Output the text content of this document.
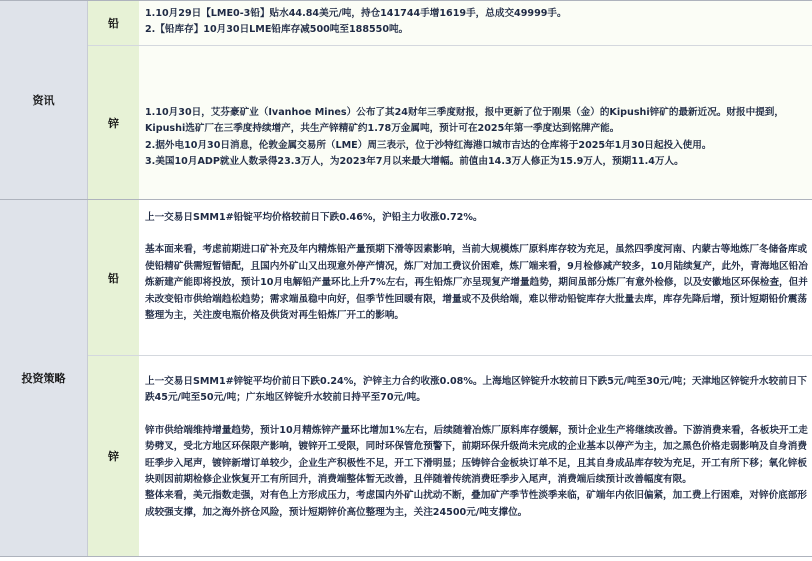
资讯
铅

1.10月29日【LME0-3铅】贴水44.84美元/吨，持仓141744手增1619手，总成交49999手。

2.【铅库存】10月30日LME铅库存减500吨至188550吨。

锌

1.10月30日，艾芬豪矿业（Ivanhoe Mines）公布了其24财年三季度财报，报中更新了位于刚果（金）的Kipushi锌矿的最新近况。财报中提到，Kipushi选矿厂在三季度持续增产，共生产锌精矿约1.78万金属吨，预计可在2025年第一季度达到铭牌产能。

2.据外电10月30日消息，伦敦金属交易所（LME）周三表示，位于沙特红海港口城市吉达的仓库将于2025年1月30日起投入使用。

3.美国10月ADP就业人数录得23.3万人，为2023年7月以来最大增幅。前值由14.3万人修正为15.9万人，预期11.4万人。

投资策略
铅

上一交易日SMM1#铅锭平均价格较前日下跌0.46%，沪铅主力收涨0.72%。

基本面来看，考虑前期进口矿补充及年内精炼铅产量预期下滑等因素影响，当前大规模炼厂原料库存较为充足，虽然四季度河南、内蒙古等地炼厂冬储备库或使铅精矿供需短暂错配，且国内外矿山又出现意外停产情况，炼厂对加工费议价困难，炼厂端来看，9月检修减产较多，10月陆续复产，此外，青海地区铅冶炼新建产能即将投放，预计10月电解铅产量环比上升7%左右，再生铅炼厂亦呈现复产增量趋势，期间虽部分炼厂有意外检修，以及安徽地区环保检查，但并未改变铅市供给端趋松趋势；需求端虽稳中向好，但季节性回暖有限，增量或不及供给端，难以带动铅锭库存大批量去库，库存先降后增，预计短期铅价震荡整理为主，关注废电瓶价格及供货对再生铅炼厂开工的影响。

锌

上一交易日SMM1#锌锭平均价前日下跌0.24%，沪锌主力合约收涨0.08%。上海地区锌锭升水较前日下跌5元/吨至30元/吨；天津地区锌锭升水较前日下跌45元/吨至50元/吨；广东地区锌锭升水较前日持平至70元/吨。

锌市供给端维持增量趋势，预计10月精炼锌产量环比增加1%左右，后续随着冶炼厂原料库存缓解，预计企业生产将继续改善。下游消费来看，各板块开工走势劈叉，受北方地区环保限产影响，镀锌开工受限，同时环保管危预警下，前期环保升级尚未完成的企业基本以停产为主，加之黑色价格走弱影响及自身消费旺季步入尾声，镀锌新增订单较少，企业生产积极性不足，开工下滑明显；压铸锌合金板块订单不足，且其自身成品库存较为充足，开工有所下移；氧化锌板块则因前期检修企业恢复开工有所回升，消费端整体暂无改善，且伴随着传统消费旺季步入尾声，消费端后续预计改善幅度有限。

整体来看，美元指数走强，对有色上方形成压力，考虑国内外矿山扰动不断，叠加矿产季节性淡季来临，矿端年内依旧偏紧，加工费上行困难，对锌价底部形成较强支撑，加之海外挤仓风险，预计短期锌价高位整理为主，关注24500元/吨支撑位。
